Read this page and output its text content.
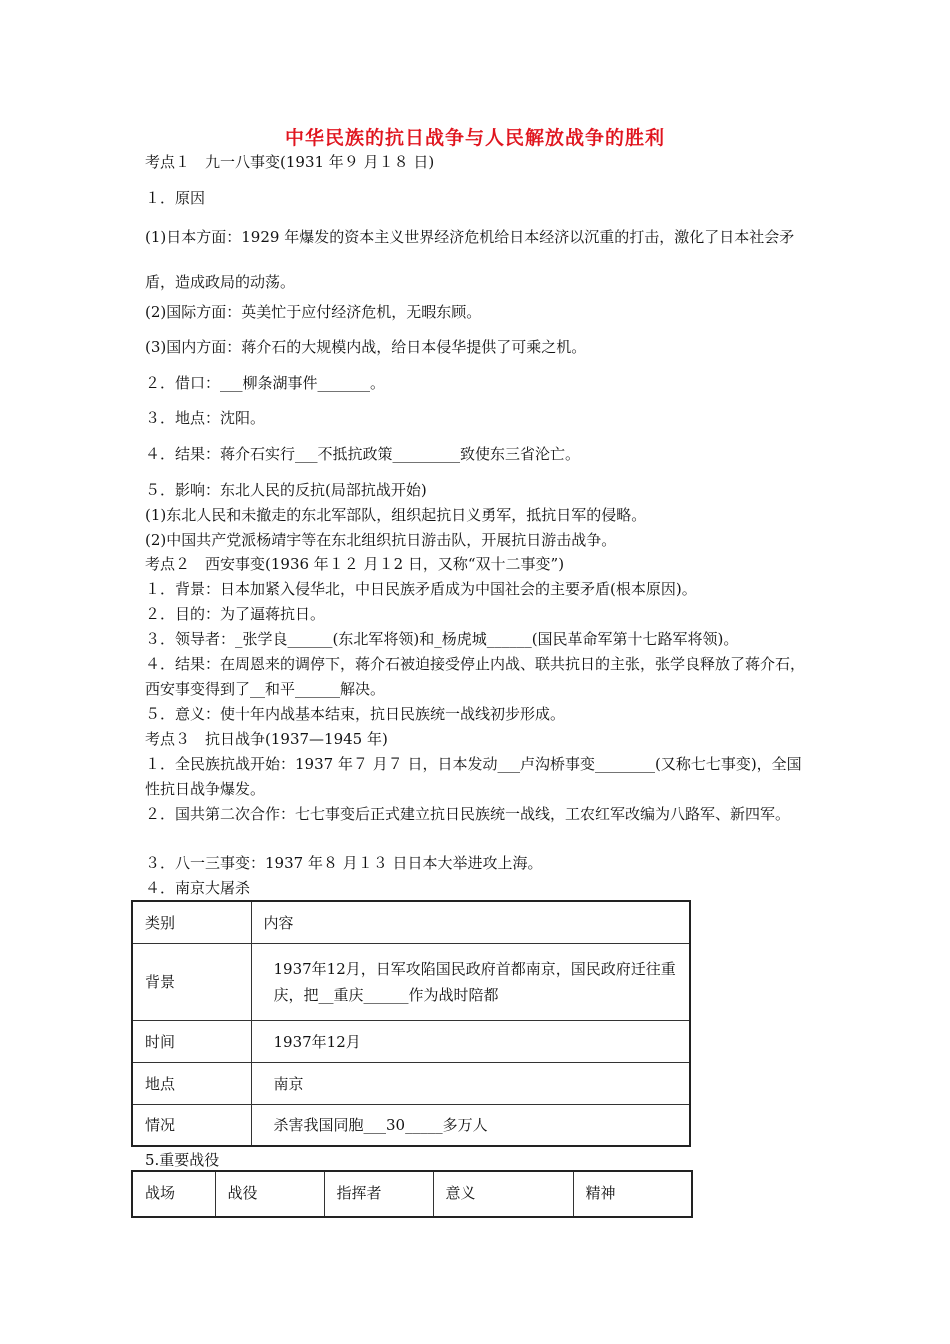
中华民族的抗日战争与人民解放战争的胜利
考点１　九一八事变(1931 年９ 月１８ 日)
１．原因
(1)日本方面：1929 年爆发的资本主义世界经济危机给日本经济以沉重的打击，激化了日本社会矛盾，造成政局的动荡。
(2)国际方面：英美忙于应付经济危机，无暇东顾。
(3)国内方面：蒋介石的大规模内战，给日本侵华提供了可乘之机。
２．借口：___柳条湖事件_______。
３．地点：沈阳。
４．结果：蒋介石实行___不抵抗政策_________致使东三省沦亡。
５．影响：东北人民的反抗(局部抗战开始)
(1)东北人民和未撤走的东北军部队，组织起抗日义勇军，抵抗日军的侵略。
(2)中国共产党派杨靖宇等在东北组织抗日游击队，开展抗日游击战争。
考点２　西安事变(1936 年１２ 月１2 日，又称“双十二事变”)
１．背景：日本加紧入侵华北，中日民族矛盾成为中国社会的主要矛盾(根本原因)。
２．目的：为了逼蒋抗日。
３．领导者：_张学良______(东北军将领)和_杨虎城______(国民革命军第十七路军将领)。
４．结果：在周恩来的调停下，蒋介石被迫接受停止内战、联共抗日的主张，张学良释放了蒋介石，西安事变得到了__和平______解决。
５．意义：使十年内战基本结束，抗日民族统一战线初步形成。
考点３　抗日战争(1937—1945 年)
１．全民族抗战开始：1937 年７ 月７ 日，日本发动___卢沟桥事变________(又称七七事变)，全国性抗日战争爆发。
２．国共第二次合作：七七事变后正式建立抗日民族统一战线，工农红军改编为八路军、新四军。
３．八一三事变：1937 年８ 月１３ 日日本大举进攻上海。
４．南京大屠杀
类别	内容
背景	1937年12月，日军攻陷国民政府首都南京，国民政府迁往重庆，把__重庆______作为战时陪都
时间	1937年12月
地点	南京
情况	杀害我国同胞___30_____多万人
5.重要战役
战场	战役	指挥者	意义	精神
